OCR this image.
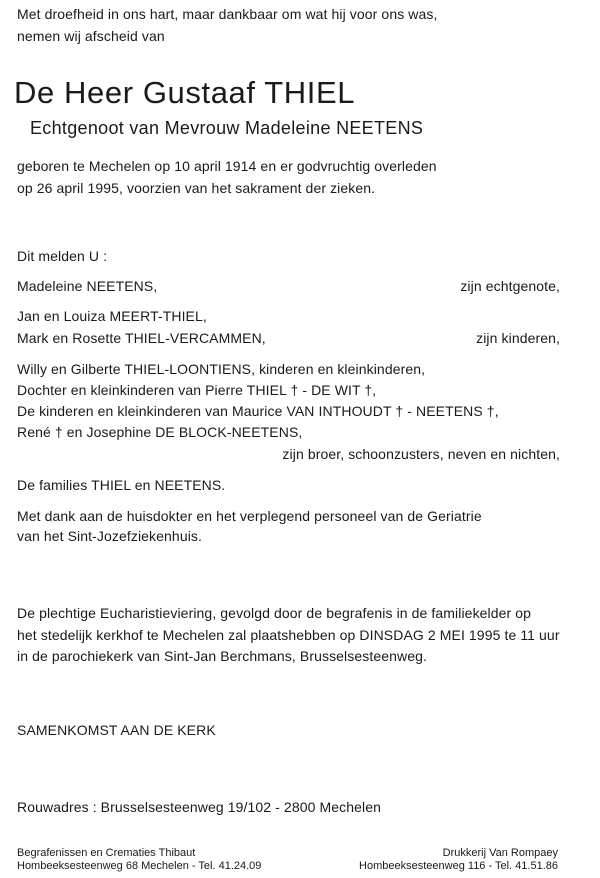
Met droefheid in ons hart, maar dankbaar om wat hij voor ons was,
nemen wij afscheid van
De Heer Gustaaf THIEL
Echtgenoot van Mevrouw Madeleine NEETENS
geboren te Mechelen op 10 april 1914 en er godvruchtig overleden
op 26 april 1995, voorzien van het sakrament der zieken.
Dit melden U :
Madeleine NEETENS,	zijn echtgenote,
Jan en Louiza MEERT-THIEL,
Mark en Rosette THIEL-VERCAMMEN,	zijn kinderen,
Willy en Gilberte THIEL-LOONTIENS, kinderen en kleinkinderen,
Dochter en kleinkinderen van Pierre THIEL † - DE WIT †,
De kinderen en kleinkinderen van Maurice VAN INTHOUDT † - NEETENS †,
René † en Josephine DE BLOCK-NEETENS,
zijn broer, schoonzusters, neven en nichten,
De families THIEL en NEETENS.
Met dank aan de huisdokter en het verplegend personeel van de Geriatrie
van het Sint-Jozefziekenhuis.
De plechtige Eucharistieviering, gevolgd door de begrafenis in de familiekelder op
het stedelijk kerkhof te Mechelen zal plaatshebben op DINSDAG 2 MEI 1995 te 11 uur
in de parochiekerk van Sint-Jan Berchmans, Brusselsesteenweg.
SAMENKOMST AAN DE KERK
Rouwadres : Brusselsesteenweg 19/102 - 2800 Mechelen
Begrafenissen en Crematies Thibaut
Hombeeksesteenweg 68 Mechelen - Tel. 41.24.09
Drukkerij Van Rompaey
Hombeeksesteenweg 116 - Tel. 41.51.86
